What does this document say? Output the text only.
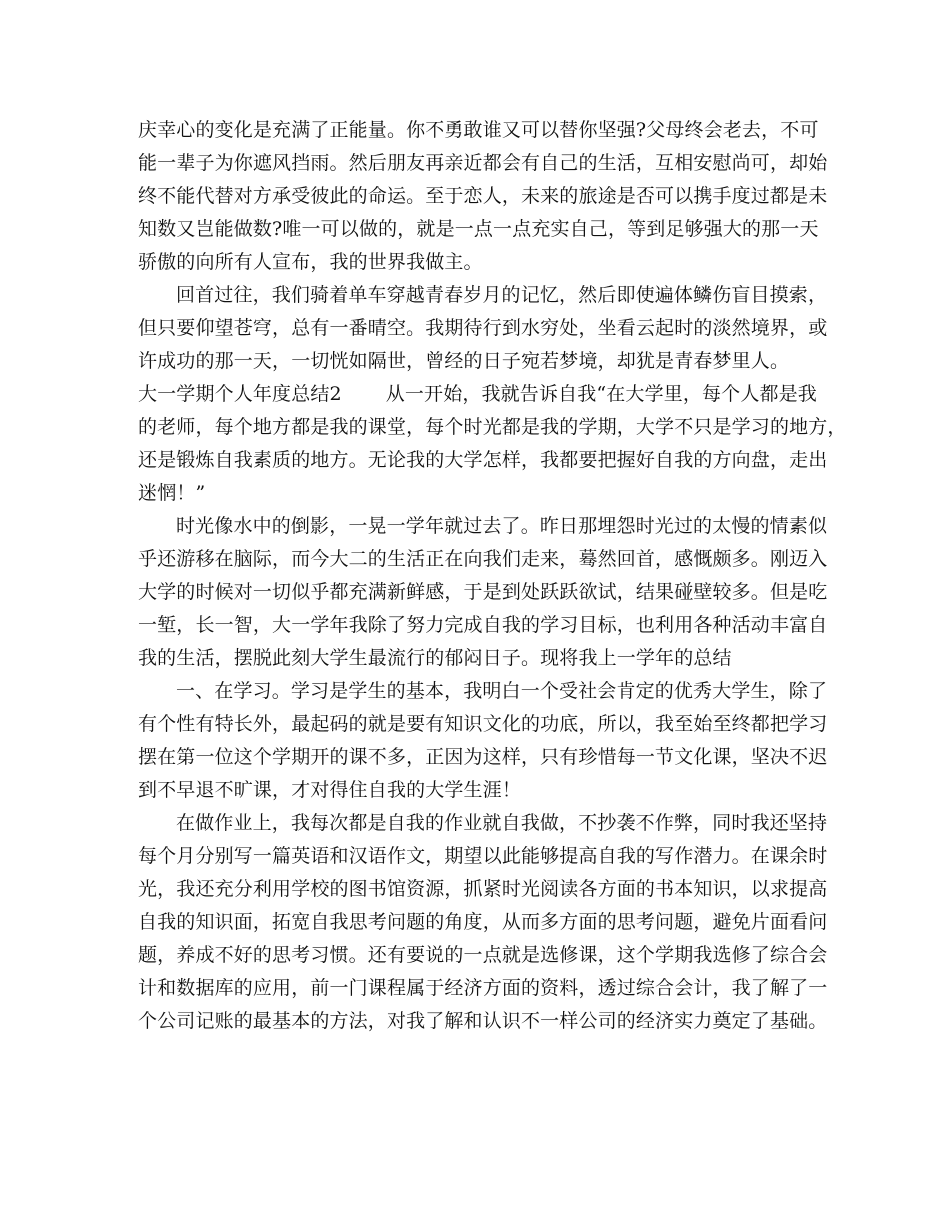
庆幸心的变化是充满了正能量。你不勇敢谁又可以替你坚强?父母终会老去，不可
能一辈子为你遮风挡雨。然后朋友再亲近都会有自己的生活，互相安慰尚可，却始
终不能代替对方承受彼此的命运。至于恋人，未来的旅途是否可以携手度过都是未
知数又岂能做数?唯一可以做的，就是一点一点充实自己，等到足够强大的那一天
骄傲的向所有人宣布，我的世界我做主。
回首过往，我们骑着单车穿越青春岁月的记忆，然后即使遍体鳞伤盲目摸索，
但只要仰望苍穹，总有一番晴空。我期待行到水穷处，坐看云起时的淡然境界，或
许成功的那一天，一切恍如隔世，曾经的日子宛若梦境，却犹是青春梦里人。
大一学期个人年度总结2 从一开始，我就告诉自我“在大学里，每个人都是我
的老师，每个地方都是我的课堂，每个时光都是我的学期，大学不只是学习的地方，
还是锻炼自我素质的地方。无论我的大学怎样，我都要把握好自我的方向盘，走出
迷惘！”
时光像水中的倒影，一晃一学年就过去了。昨日那埋怨时光过的太慢的情素似
乎还游移在脑际，而今大二的生活正在向我们走来，蓦然回首，感慨颇多。刚迈入
大学的时候对一切似乎都充满新鲜感，于是到处跃跃欲试，结果碰壁较多。但是吃
一堑，长一智，大一学年我除了努力完成自我的学习目标，也利用各种活动丰富自
我的生活，摆脱此刻大学生最流行的郁闷日子。现将我上一学年的总结
一、在学习。学习是学生的基本，我明白一个受社会肯定的优秀大学生，除了
有个性有特长外，最起码的就是要有知识文化的功底，所以，我至始至终都把学习
摆在第一位这个学期开的课不多，正因为这样，只有珍惜每一节文化课，坚决不迟
到不早退不旷课，才对得住自我的大学生涯！
在做作业上，我每次都是自我的作业就自我做，不抄袭不作弊，同时我还坚持
每个月分别写一篇英语和汉语作文，期望以此能够提高自我的写作潜力。在课余时
光，我还充分利用学校的图书馆资源，抓紧时光阅读各方面的书本知识，以求提高
自我的知识面，拓宽自我思考问题的角度，从而多方面的思考问题，避免片面看问
题，养成不好的思考习惯。还有要说的一点就是选修课，这个学期我选修了综合会
计和数据库的应用，前一门课程属于经济方面的资料，透过综合会计，我了解了一
个公司记账的最基本的方法，对我了解和认识不一样公司的经济实力奠定了基础。
